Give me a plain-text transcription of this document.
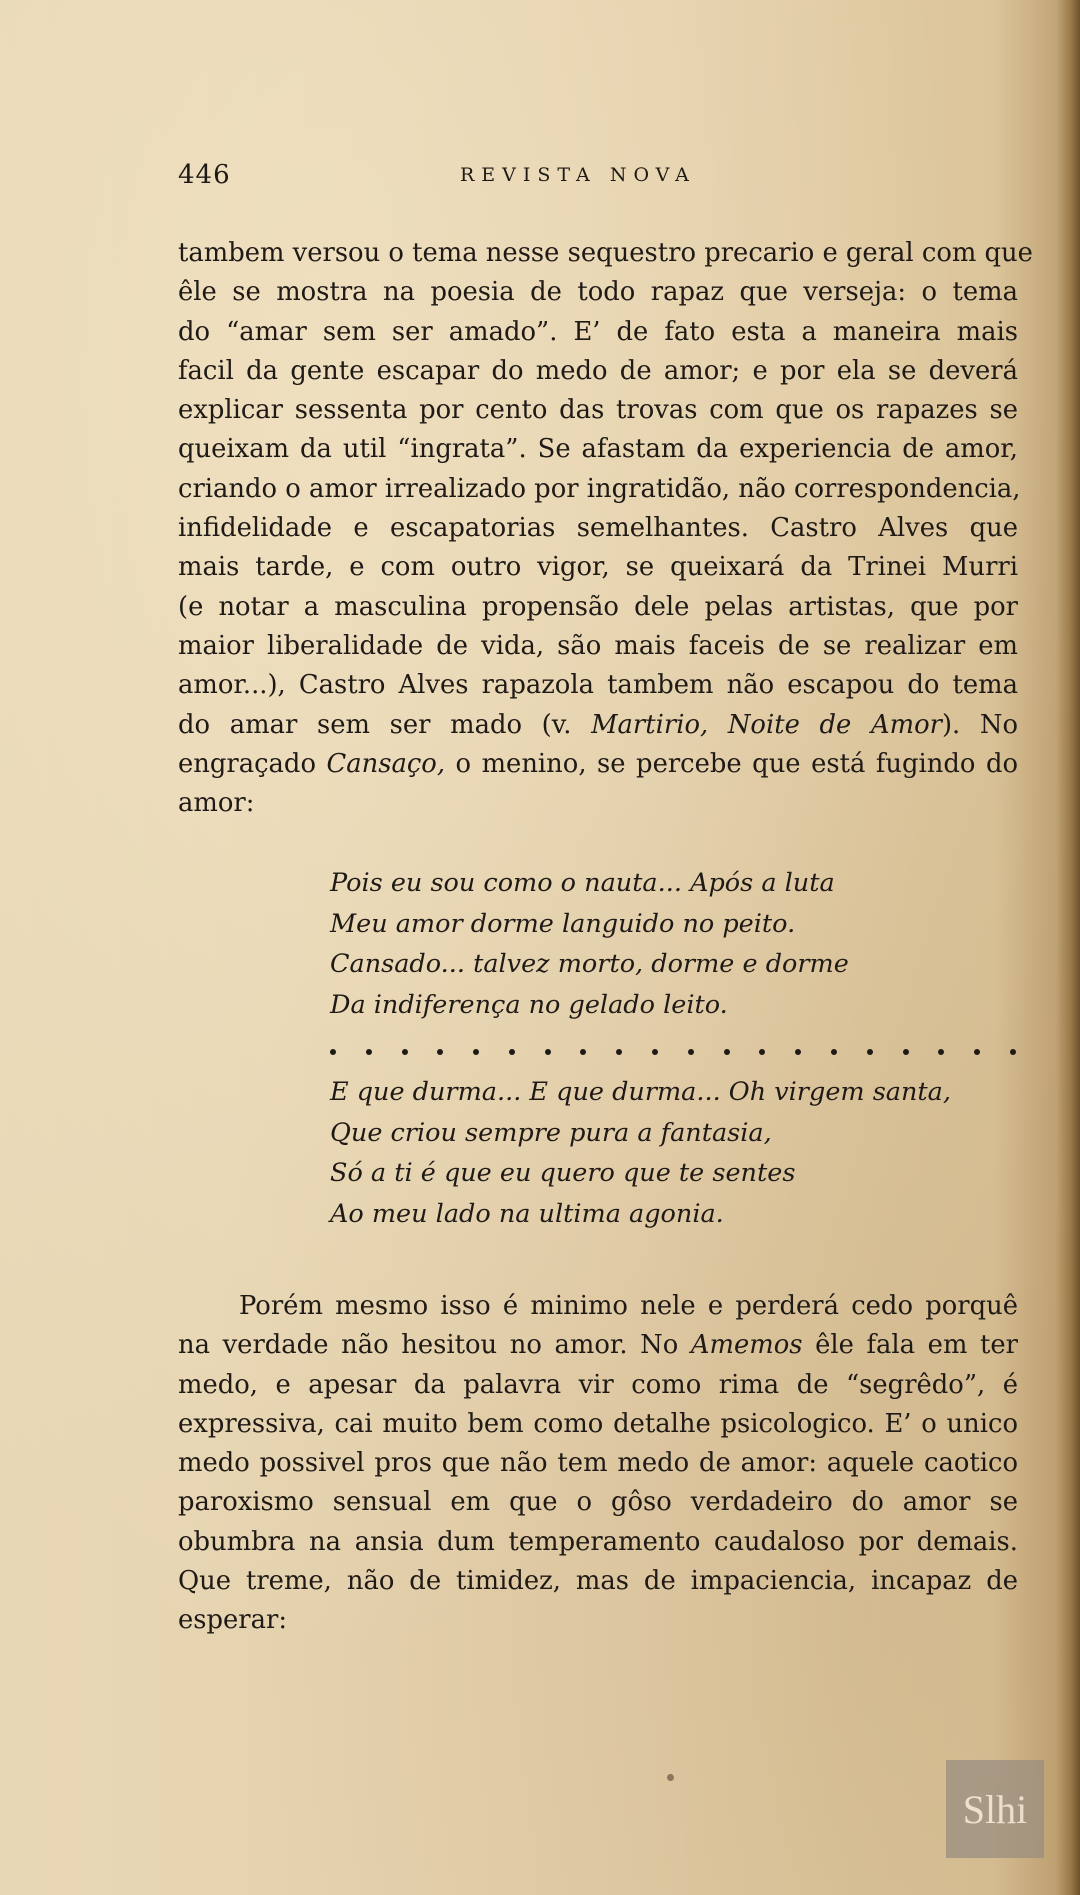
446	REVISTA NOVA
tambem versou o tema nesse sequestro precario e geral com que
êle se mostra na poesia de todo rapaz que verseja: o tema
do “amar sem ser amado”. E’ de fato esta a maneira mais
facil da gente escapar do medo de amor; e por ela se deverá
explicar sessenta por cento das trovas com que os rapazes se
queixam da util “ingrata”. Se afastam da experiencia de amor,
criando o amor irrealizado por ingratidão, não correspondencia,
infidelidade e escapatorias semelhantes. Castro Alves que
mais tarde, e com outro vigor, se queixará da Trinei Murri
(e notar a masculina propensão dele pelas artistas, que por
maior liberalidade de vida, são mais faceis de se realizar em
amor...), Castro Alves rapazola tambem não escapou do tema do amar sem ser mado (v. Martirio, Noite de Amor). No engraçado Cansaço, o menino, se percebe que está fugindo do amor:
Pois eu sou como o nauta... Após a luta
Meu amor dorme languido no peito.
Cansado... talvez morto, dorme e dorme
Da indiferença no gelado leito.
E que durma... E que durma... Oh virgem santa,
Que criou sempre pura a fantasia,
Só a ti é que eu quero que te sentes
Ao meu lado na ultima agonia.
Porém mesmo isso é minimo nele e perderá cedo porquê na verdade não hesitou no amor. No Amemos êle fala em ter medo, e apesar da palavra vir como rima de “segrêdo”, é expressiva, cai muito bem como detalhe psicologico. E’ o unico medo possivel pros que não tem medo de amor: aquele caotico paroxismo sensual em que o gôso verdadeiro do amor se obumbra na ansia dum temperamento caudaloso por demais. Que treme, não de timidez, mas de impaciencia, incapaz de esperar:
Slhi
